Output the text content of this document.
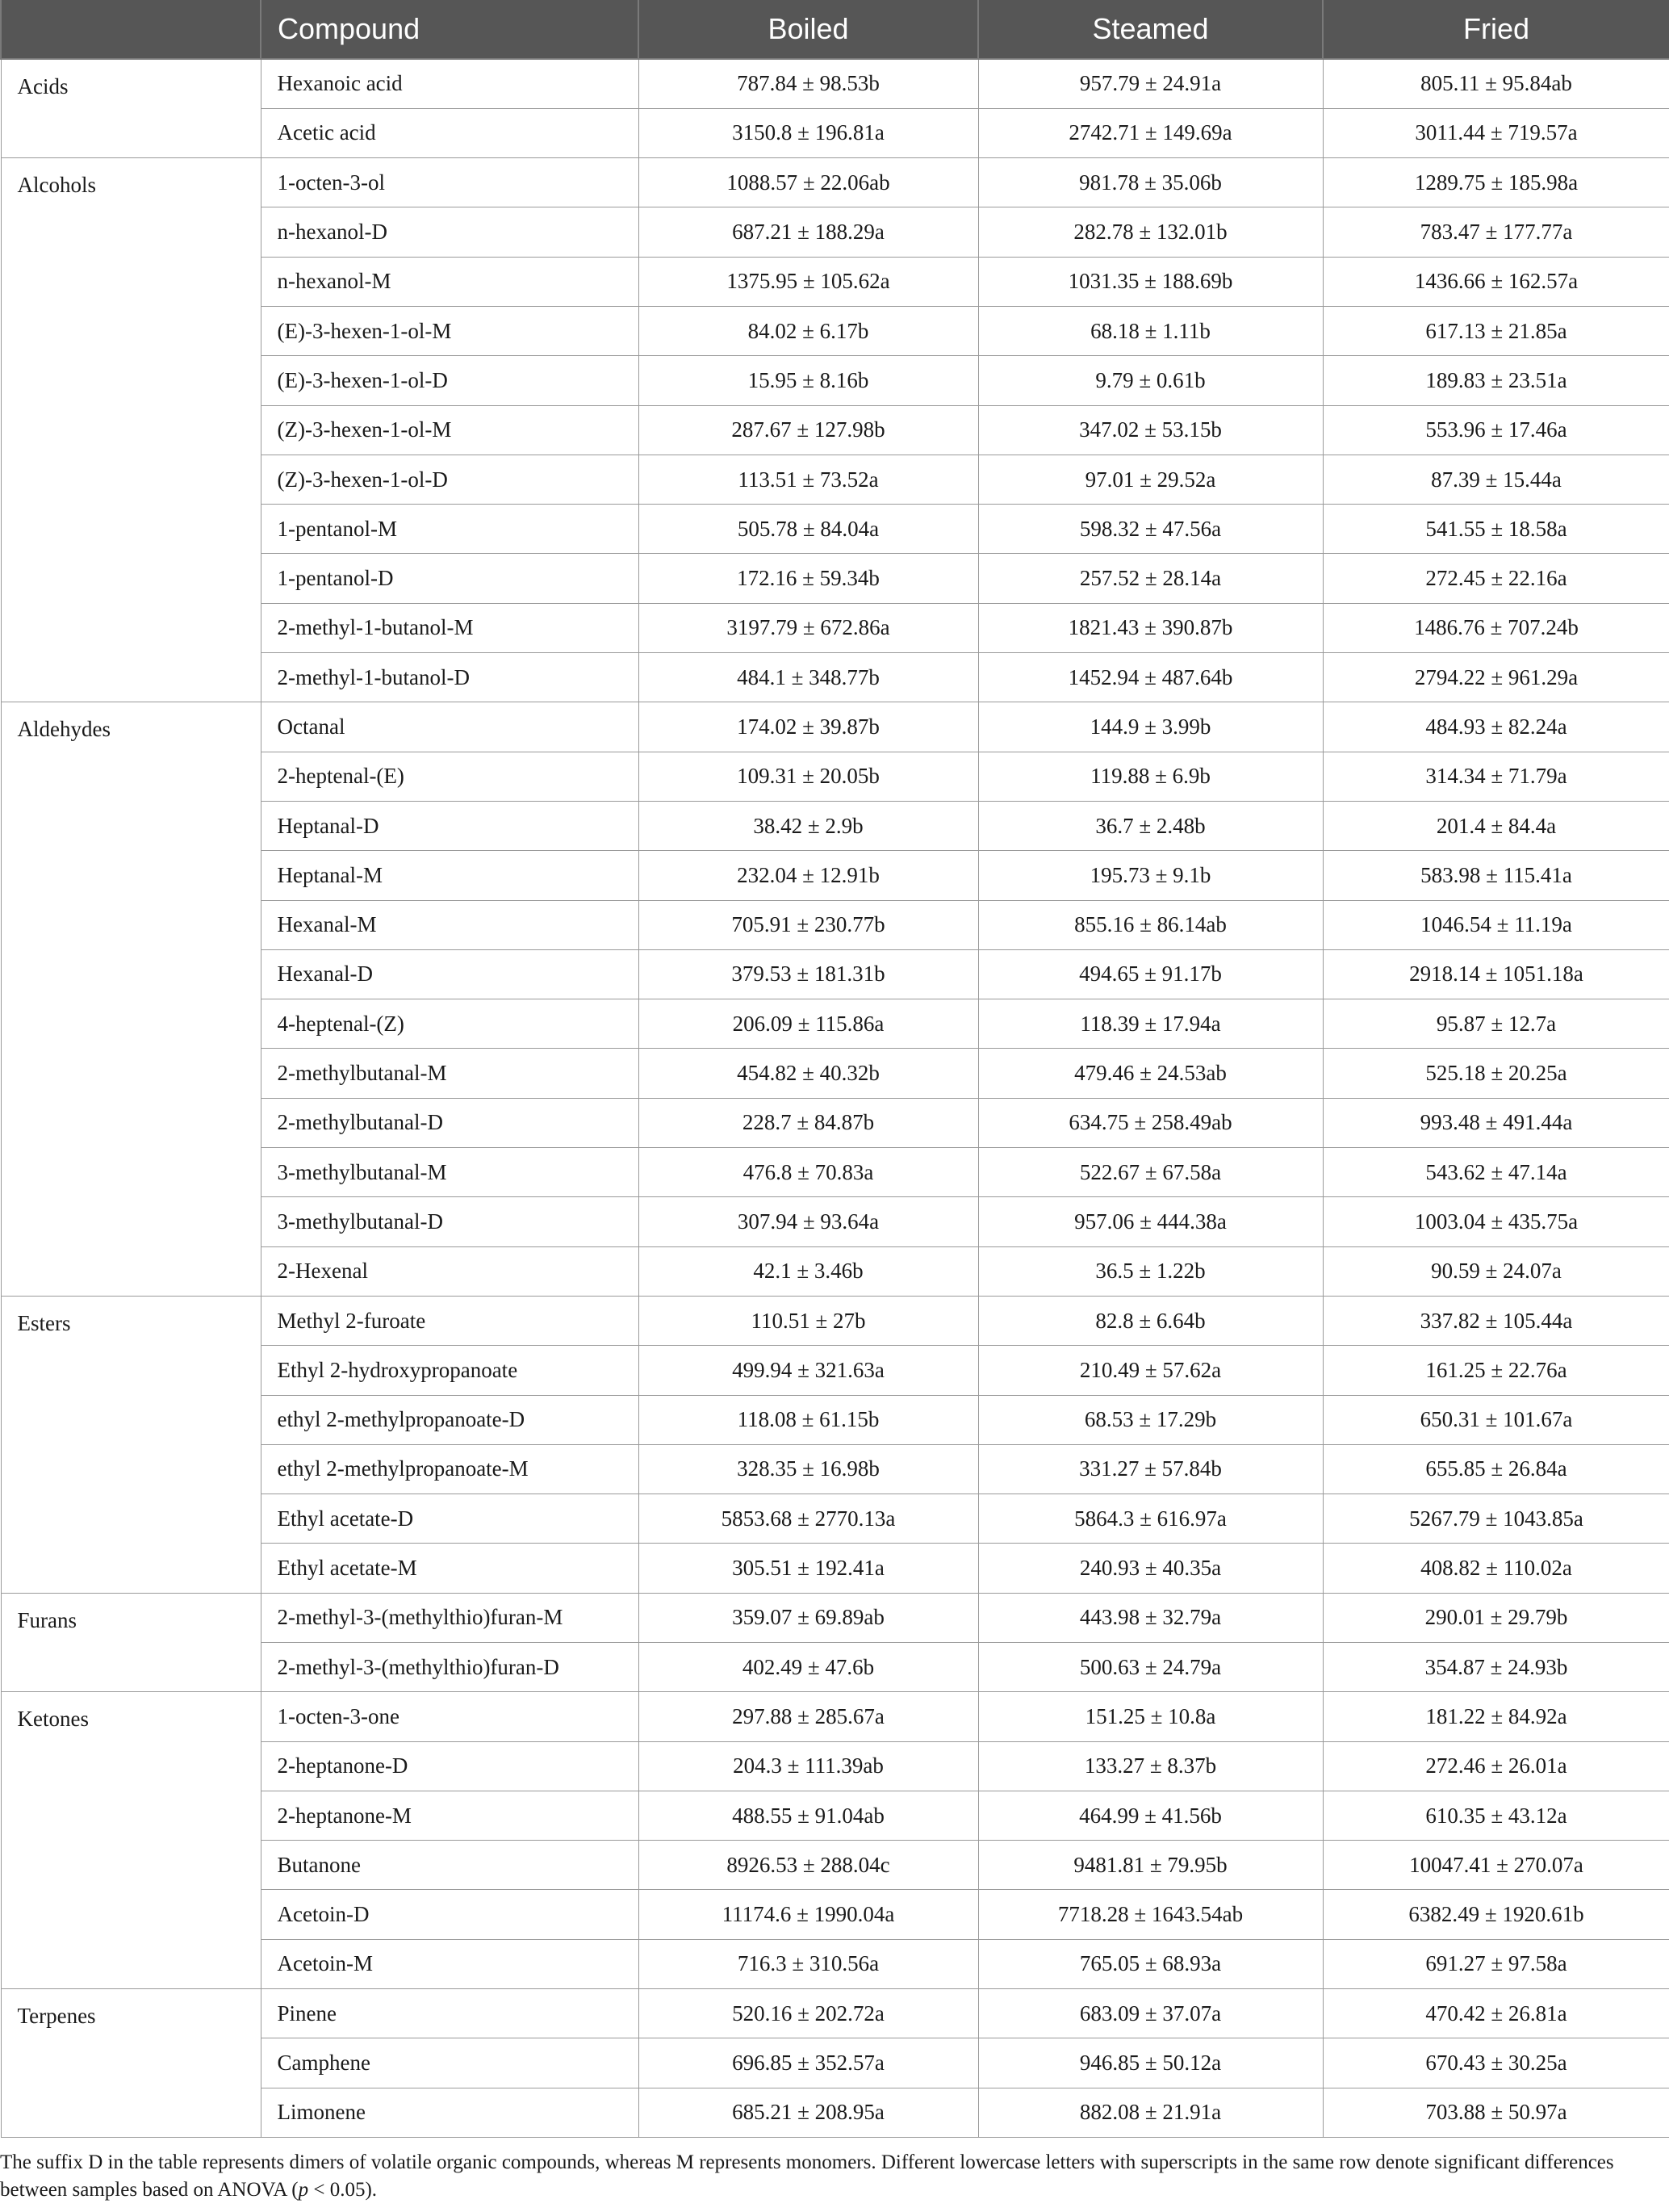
	Compound	Boiled	Steamed	Fried
Acids	Hexanoic acid	787.84 ± 98.53b	957.79 ± 24.91a	805.11 ± 95.84ab
	Acetic acid	3150.8 ± 196.81a	2742.71 ± 149.69a	3011.44 ± 719.57a
Alcohols	1-octen-3-ol	1088.57 ± 22.06ab	981.78 ± 35.06b	1289.75 ± 185.98a
	n-hexanol-D	687.21 ± 188.29a	282.78 ± 132.01b	783.47 ± 177.77a
	n-hexanol-M	1375.95 ± 105.62a	1031.35 ± 188.69b	1436.66 ± 162.57a
	(E)-3-hexen-1-ol-M	84.02 ± 6.17b	68.18 ± 1.11b	617.13 ± 21.85a
	(E)-3-hexen-1-ol-D	15.95 ± 8.16b	9.79 ± 0.61b	189.83 ± 23.51a
	(Z)-3-hexen-1-ol-M	287.67 ± 127.98b	347.02 ± 53.15b	553.96 ± 17.46a
	(Z)-3-hexen-1-ol-D	113.51 ± 73.52a	97.01 ± 29.52a	87.39 ± 15.44a
	1-pentanol-M	505.78 ± 84.04a	598.32 ± 47.56a	541.55 ± 18.58a
	1-pentanol-D	172.16 ± 59.34b	257.52 ± 28.14a	272.45 ± 22.16a
	2-methyl-1-butanol-M	3197.79 ± 672.86a	1821.43 ± 390.87b	1486.76 ± 707.24b
	2-methyl-1-butanol-D	484.1 ± 348.77b	1452.94 ± 487.64b	2794.22 ± 961.29a
Aldehydes	Octanal	174.02 ± 39.87b	144.9 ± 3.99b	484.93 ± 82.24a
	2-heptenal-(E)	109.31 ± 20.05b	119.88 ± 6.9b	314.34 ± 71.79a
	Heptanal-D	38.42 ± 2.9b	36.7 ± 2.48b	201.4 ± 84.4a
	Heptanal-M	232.04 ± 12.91b	195.73 ± 9.1b	583.98 ± 115.41a
	Hexanal-M	705.91 ± 230.77b	855.16 ± 86.14ab	1046.54 ± 11.19a
	Hexanal-D	379.53 ± 181.31b	494.65 ± 91.17b	2918.14 ± 1051.18a
	4-heptenal-(Z)	206.09 ± 115.86a	118.39 ± 17.94a	95.87 ± 12.7a
	2-methylbutanal-M	454.82 ± 40.32b	479.46 ± 24.53ab	525.18 ± 20.25a
	2-methylbutanal-D	228.7 ± 84.87b	634.75 ± 258.49ab	993.48 ± 491.44a
	3-methylbutanal-M	476.8 ± 70.83a	522.67 ± 67.58a	543.62 ± 47.14a
	3-methylbutanal-D	307.94 ± 93.64a	957.06 ± 444.38a	1003.04 ± 435.75a
	2-Hexenal	42.1 ± 3.46b	36.5 ± 1.22b	90.59 ± 24.07a
Esters	Methyl 2-furoate	110.51 ± 27b	82.8 ± 6.64b	337.82 ± 105.44a
	Ethyl 2-hydroxypropanoate	499.94 ± 321.63a	210.49 ± 57.62a	161.25 ± 22.76a
	ethyl 2-methylpropanoate-D	118.08 ± 61.15b	68.53 ± 17.29b	650.31 ± 101.67a
	ethyl 2-methylpropanoate-M	328.35 ± 16.98b	331.27 ± 57.84b	655.85 ± 26.84a
	Ethyl acetate-D	5853.68 ± 2770.13a	5864.3 ± 616.97a	5267.79 ± 1043.85a
	Ethyl acetate-M	305.51 ± 192.41a	240.93 ± 40.35a	408.82 ± 110.02a
Furans	2-methyl-3-(methylthio)furan-M	359.07 ± 69.89ab	443.98 ± 32.79a	290.01 ± 29.79b
	2-methyl-3-(methylthio)furan-D	402.49 ± 47.6b	500.63 ± 24.79a	354.87 ± 24.93b
Ketones	1-octen-3-one	297.88 ± 285.67a	151.25 ± 10.8a	181.22 ± 84.92a
	2-heptanone-D	204.3 ± 111.39ab	133.27 ± 8.37b	272.46 ± 26.01a
	2-heptanone-M	488.55 ± 91.04ab	464.99 ± 41.56b	610.35 ± 43.12a
	Butanone	8926.53 ± 288.04c	9481.81 ± 79.95b	10047.41 ± 270.07a
	Acetoin-D	11174.6 ± 1990.04a	7718.28 ± 1643.54ab	6382.49 ± 1920.61b
	Acetoin-M	716.3 ± 310.56a	765.05 ± 68.93a	691.27 ± 97.58a
Terpenes	Pinene	520.16 ± 202.72a	683.09 ± 37.07a	470.42 ± 26.81a
	Camphene	696.85 ± 352.57a	946.85 ± 50.12a	670.43 ± 30.25a
	Limonene	685.21 ± 208.95a	882.08 ± 21.91a	703.88 ± 50.97a
The suffix D in the table represents dimers of volatile organic compounds, whereas M represents monomers. Different lowercase letters with superscripts in the same row denote significant differences between samples based on ANOVA (p < 0.05).
